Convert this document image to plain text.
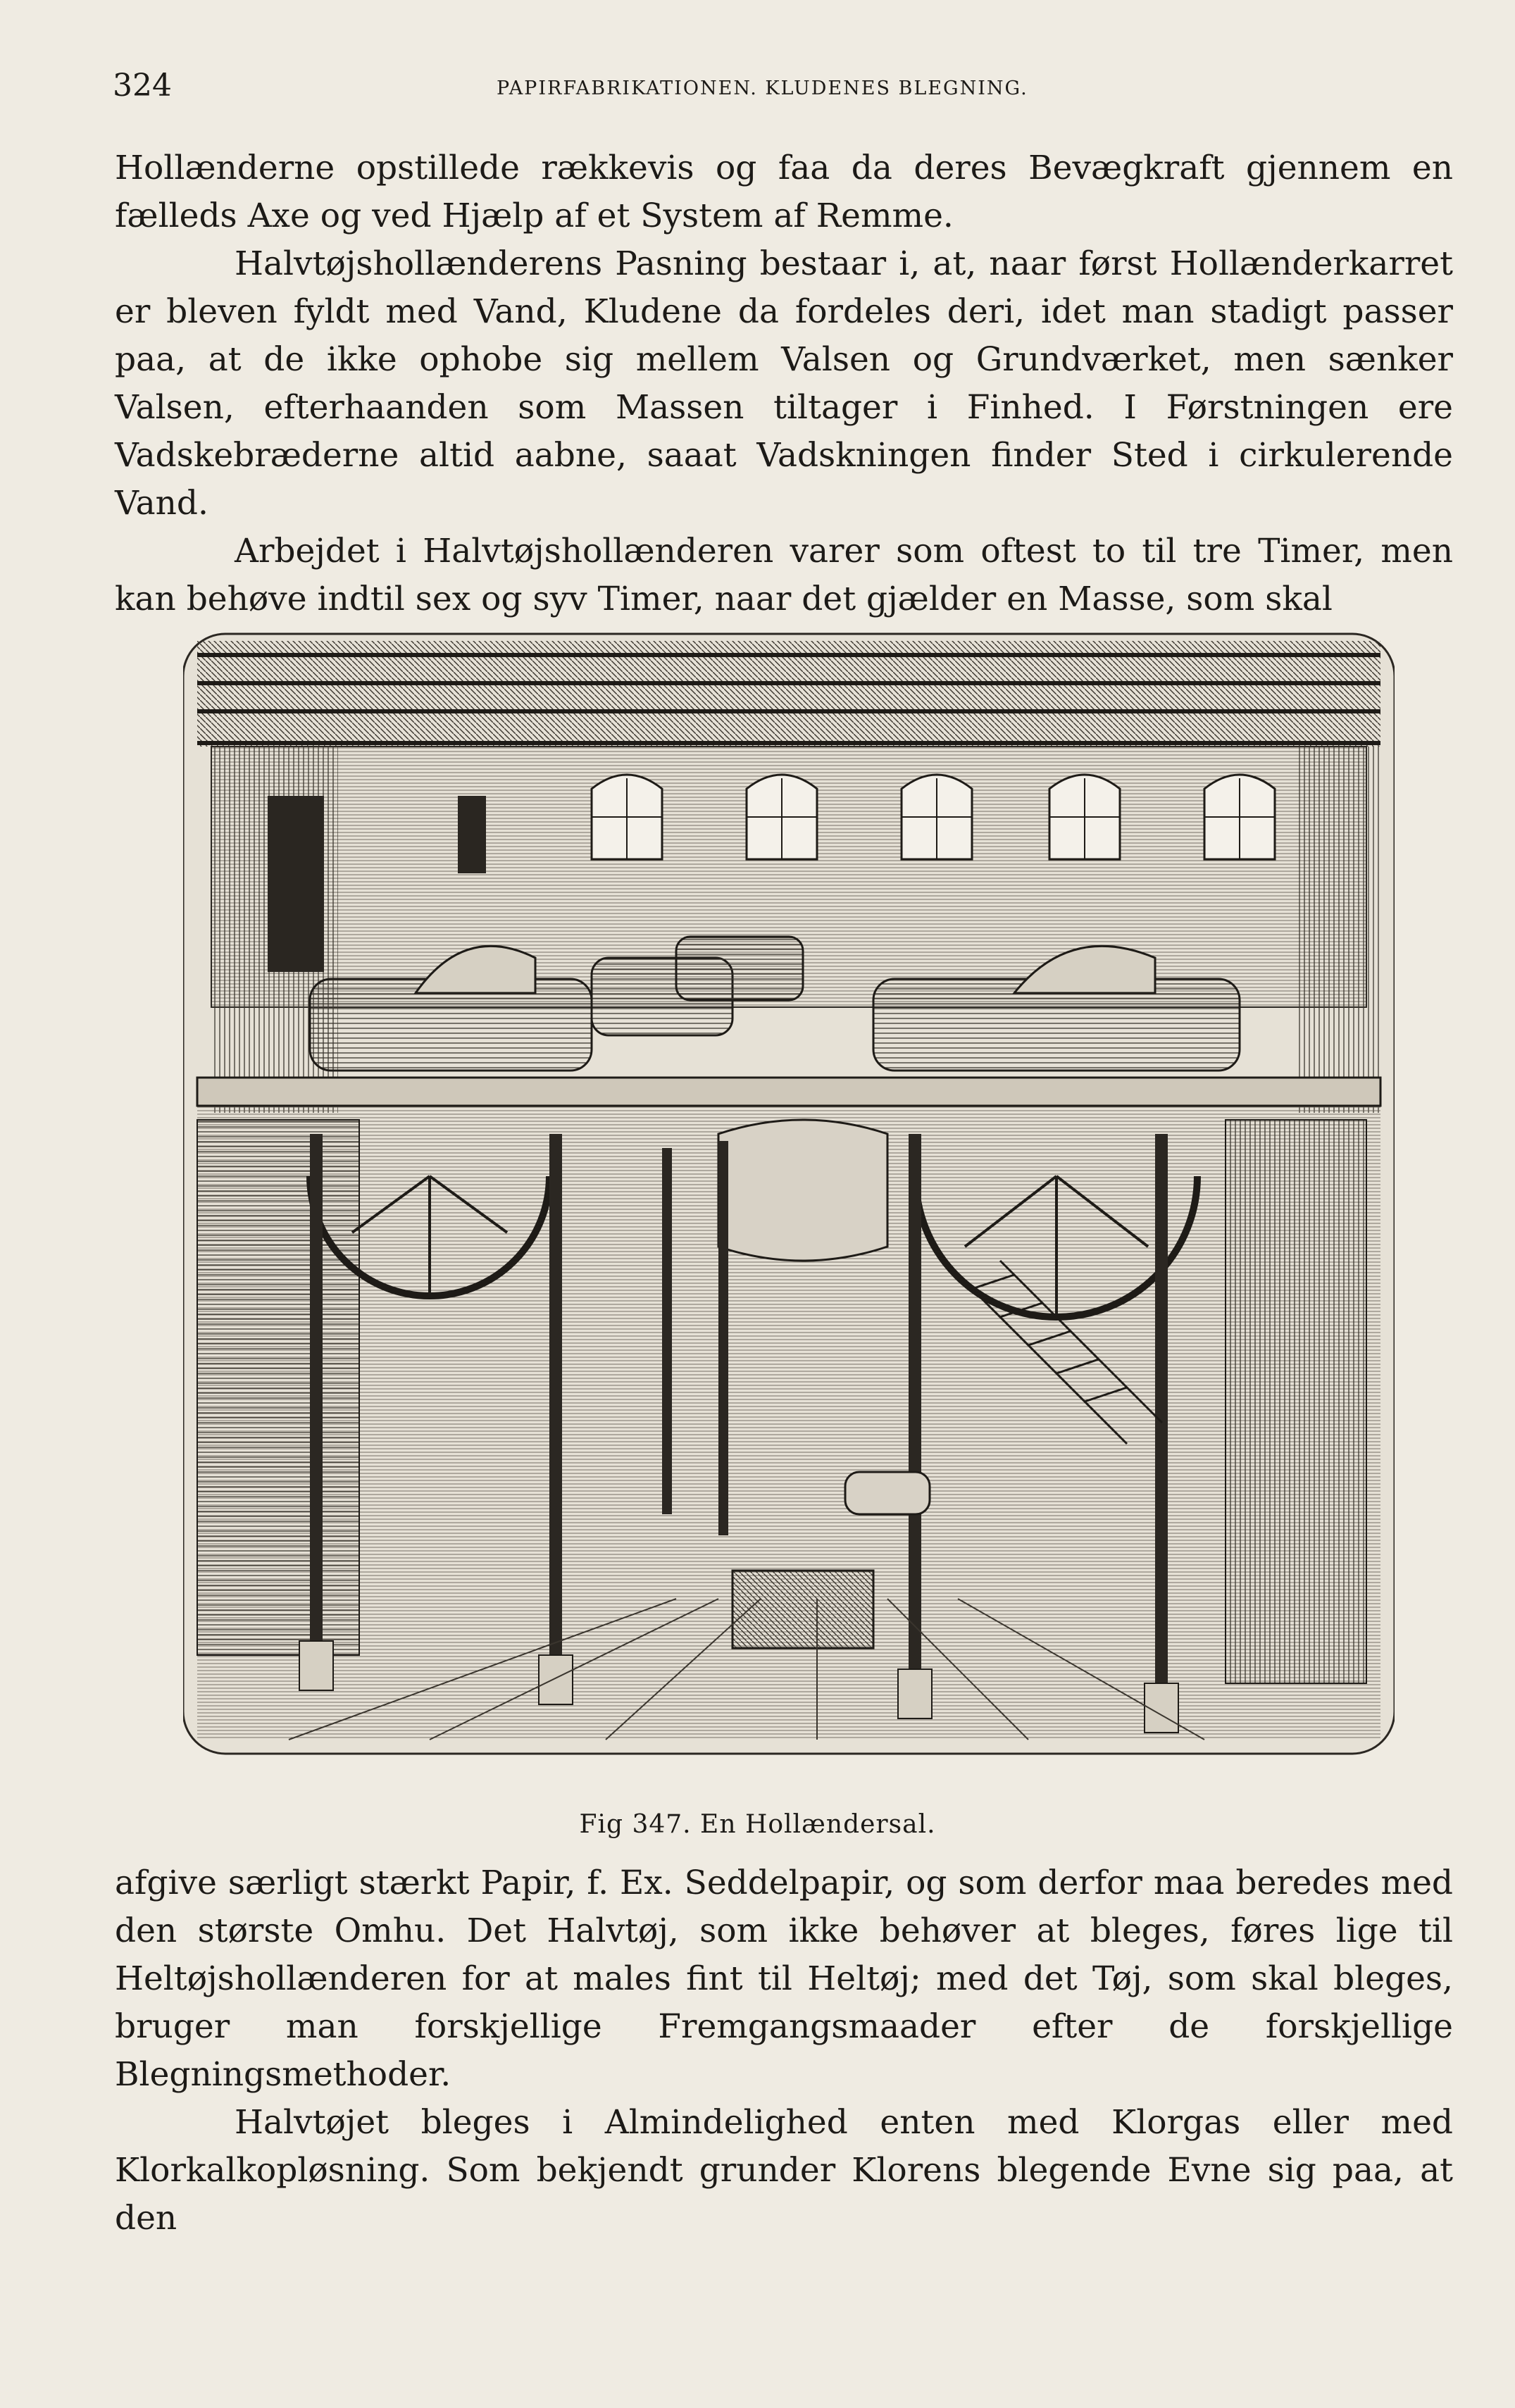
324	PAPIRFABRIKATIONEN. KLUDENES BLEGNING.

Hollænderne opstillede rækkevis og faa da deres Bevægkraft gjennem en fælleds Axe og ved Hjælp af et System af Remme.

Halvtøjshollænderens Pasning bestaar i, at, naar først Hollænderkarret er bleven fyldt med Vand, Kludene da fordeles deri, idet man stadigt passer paa, at de ikke ophobe sig mellem Valsen og Grundværket, men sænker Valsen, efterhaanden som Massen tiltager i Finhed. I Førstningen ere Vadskebræderne altid aabne, saaat Vadskningen finder Sted i cirkulerende Vand.

Arbejdet i Halvtøjshollænderen varer som oftest to til tre Timer, men kan behøve indtil sex og syv Timer, naar det gjælder en Masse, som skal

Fig 347. En Hollændersal.

afgive særligt stærkt Papir, f. Ex. Seddelpapir, og som derfor maa beredes med den største Omhu. Det Halvtøj, som ikke behøver at bleges, føres lige til Heltøjshollænderen for at males fint til Heltøj; med det Tøj, som skal bleges, bruger man forskjellige Fremgangsmaader efter de forskjellige Blegningsmethoder.

Halvtøjet bleges i Almindelighed enten med Klorgas eller med Klorkalkopløsning. Som bekjendt grunder Klorens blegende Evne sig paa, at den
